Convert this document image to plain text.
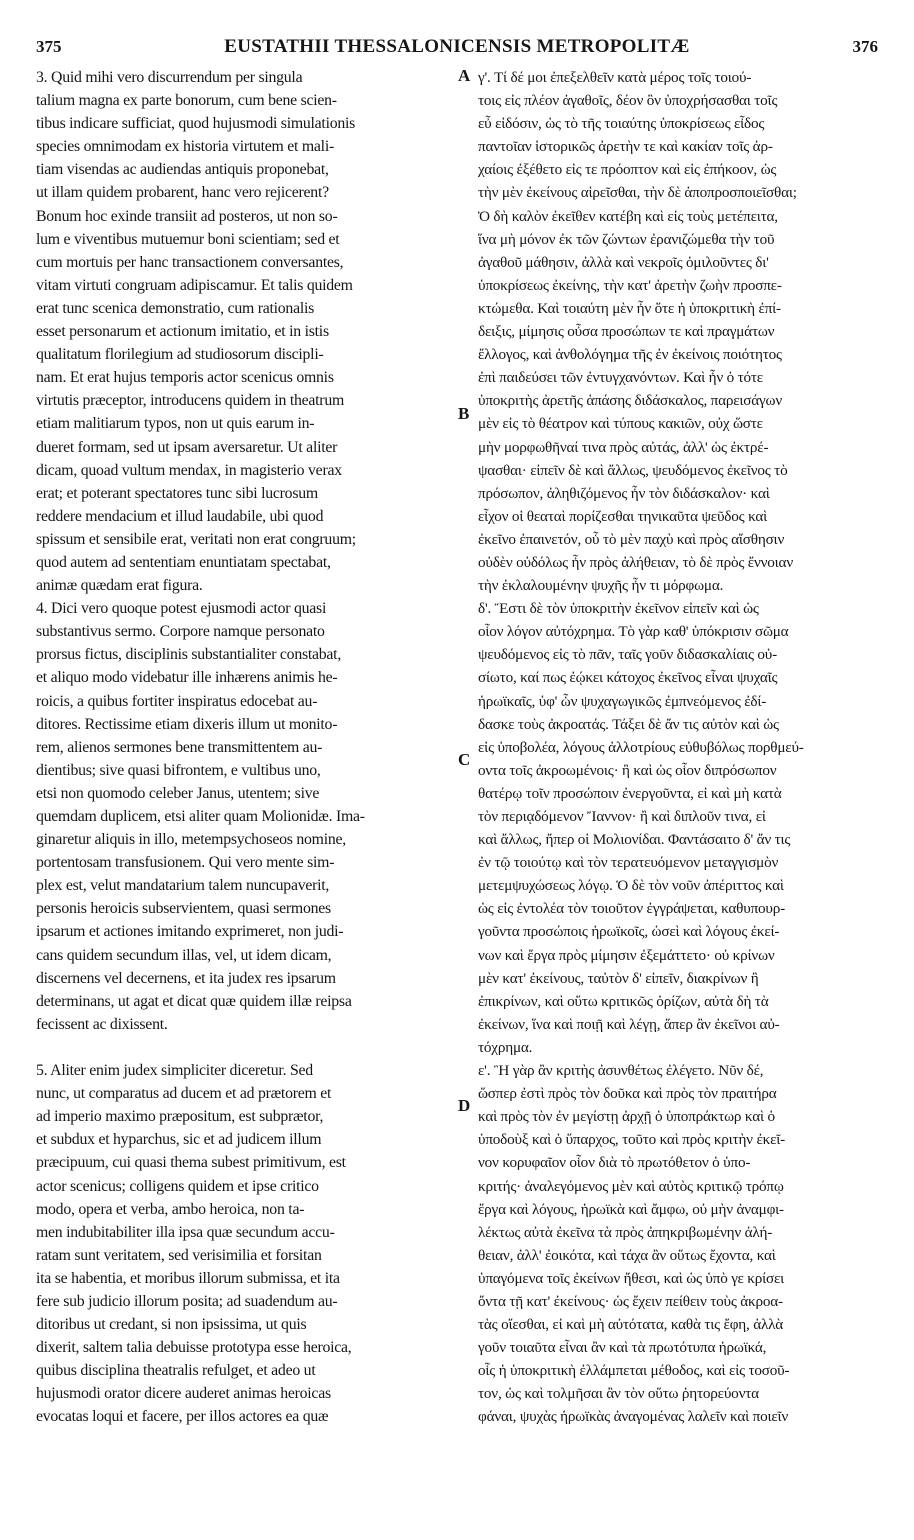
375	EUSTATHII THESSALONICENSIS METROPOLITÆ	376
3. Quid mihi vero discurrendum per singula
talium magna ex parte bonorum, cum bene scien-
tibus indicare sufficiat, quod hujusmodi simulationis
species omnimodam ex historia virtutem et mali-
tiam visendas ac audiendas antiquis proponebat,
ut illam quidem probarent, hanc vero rejicerent?
Bonum hoc exinde transiit ad posteros, ut non so-
lum e viventibus mutuemur boni scientiam; sed et
cum mortuis per hanc transactionem conversantes,
vitam virtuti congruam adipiscamur. Et talis quidem
erat tunc scenica demonstratio, cum rationalis
esset personarum et actionum imitatio, et in istis
qualitatum florilegium ad studiosorum discipli-
nam. Et erat hujus temporis actor scenicus omnis
virtutis præceptor, introducens quidem in theatrum
etiam malitiarum typos, non ut quis earum in-
dueret formam, sed ut ipsam aversaretur. Ut aliter
dicam, quoad vultum mendax, in magisterio verax
erat; et poterant spectatores tunc sibi lucrosum
reddere mendacium et illud laudabile, ubi quod
spissum et sensibile erat, veritati non erat congruum;
quod autem ad sententiam enuntiatam spectabat,
animæ quædam erat figura.
4. Dici vero quoque potest ejusmodi actor quasi
substantivus sermo. Corpore namque personato
prorsus fictus, disciplinis substantialiter constabat,
et aliquo modo videbatur ille inhærens animis he-
roicis, a quibus fortiter inspiratus edocebat au-
ditores. Rectissime etiam dixeris illum ut monito-
rem, alienos sermones bene transmittentem au-
dientibus; sive quasi bifrontem, e vultibus uno,
etsi non quomodo celeber Janus, utentem; sive
quemdam duplicem, etsi aliter quam Molionidæ. Ima-
ginaretur aliquis in illo, metempsychoseos nomine,
portentosam transfusionem. Qui vero mente sim-
plex est, velut mandatarium talem nuncupaverit,
personis heroicis subservientem, quasi sermones
ipsarum et actiones imitando exprimeret, non judi-
cans quidem secundum illas, vel, ut idem dicam,
discernens vel decernens, et ita judex res ipsarum
determinans, ut agat et dicat quæ quidem illæ reipsa
fecissent ac dixissent.
5. Aliter enim judex simpliciter diceretur. Sed
nunc, ut comparatus ad ducem et ad prætorem et
ad imperio maximo præpositum, est subprætor,
et subdux et hyparchus, sic et ad judicem illum
præcipuum, cui quasi thema subest primitivum, est
actor scenicus; colligens quidem et ipse critico
modo, opera et verba, ambo heroica, non ta-
men indubitabiliter illa ipsa quæ secundum accu-
ratam sunt veritatem, sed verisimilia et forsitan
ita se habentia, et moribus illorum submissa, et ita
fere sub judicio illorum posita; ad suadendum au-
ditoribus ut credant, si non ipsissima, ut quis
dixerit, saltem talia debuisse prototypa esse heroica,
quibus disciplina theatralis refulget, et adeo ut
hujusmodi orator dicere auderet animas heroicas
evocatas loqui et facere, per illos actores ea quæ
γ'. Τί δέ μοι ἐπεξελθεῖν κατὰ μέρος τοῖς τοιού-
τοις εἰς πλέον ἀγαθοῖς, δέον ὃν ὑποχρήσασθαι τοῖς
εὖ εἰδόσιν, ὡς τὸ τῆς τοιαύτης ὑποκρίσεως εἶδος
παντοῖαν ἱστορικῶς ἀρετὴν τε καὶ κακίαν τοῖς ἀρ-
χαίοις ἐξέθετο εἰς τε πρόοπτον καὶ εἰς ἐπήκοον, ὡς
τὴν μὲν ἐκείνους αἱρεῖσθαι, τὴν δὲ ἀποπροσποιεῖσθαι;
Ὁ δὴ καλὸν ἐκεῖθεν κατέβη καὶ εἰς τοὺς μετέπειτα,
ἵνα μὴ μόνον ἐκ τῶν ζώντων ἐρανιζώμεθα τὴν τοῦ
ἀγαθοῦ μάθησιν, ἀλλὰ καὶ νεκροῖς ὁμιλοῦντες δι'
ὑποκρίσεως ἐκείνης, τὴν κατ' ἀρετὴν ζωὴν προσπε-
κτώμεθα. Καὶ τοιαύτη μὲν ἦν ὅτε ἡ ὑποκριτικὴ ἐπί-
δειξις, μίμησις οὖσα προσώπων τε καὶ πραγμάτων
ἔλλογος, καὶ ἀνθολόγημα τῆς ἐν ἐκείνοις ποιότητος
ἐπὶ παιδεύσει τῶν ἐντυγχανόντων. Καὶ ἦν ὁ τότε
ὑποκριτὴς ἀρετῆς ἁπάσης διδάσκαλος, παρεισάγων
μὲν εἰς τὸ θέατρον καὶ τύπους κακιῶν, οὐχ ὥστε
μὴν μορφωθῆναί τινα πρὸς αὐτάς, ἀλλ' ὡς ἐκτρέ-
ψασθαι· εἰπεῖν δὲ καὶ ἄλλως, ψευδόμενος ἐκεῖνος τὸ
πρόσωπον, ἀληθιζόμενος ἦν τὸν διδάσκαλον· καὶ
εἶχον οἱ θεαταὶ πορίζεσθαι τηνικαῦτα ψεῦδος καὶ
ἐκεῖνο ἐπαινετόν, οὗ τὸ μὲν παχὺ καὶ πρὸς αἴσθησιν
οὐδὲν οὐδόλως ἦν πρὸς ἀλήθειαν, τὸ δὲ πρὸς ἔννοιαν
τὴν ἐκλαλουμένην ψυχῆς ἦν τι μόρφωμα.
δ'. Ἔστι δὲ τὸν ὑποκριτὴν ἐκεῖνον εἰπεῖν καὶ ὡς
οἷον λόγον αὐτόχρημα. Τὸ γὰρ καθ' ὑπόκρισιν σῶμα
ψευδόμενος εἰς τὸ πᾶν, ταῖς γοῦν διδασκαλίαις οὐ-
σίωτο, καί πως ἐῴκει κάτοχος ἐκεῖνος εἶναι ψυχαῖς
ἡρωϊκαῖς, ὑφ' ὧν ψυχαγωγικῶς ἐμπνεόμενος ἐδί-
δασκε τοὺς ἀκροατάς. Τάξει δὲ ἄν τις αὐτὸν καὶ ὡς
εἰς ὑποβολέα, λόγους ἀλλοτρίους εὐθυβόλως πορθμεύ-
οντα τοῖς ἀκροωμένοις· ἢ καὶ ὡς οἷον διπρόσωπον
θατέρῳ τοῖν προσώποιν ἐνεργοῦντα, εἰ καὶ μὴ κατὰ
τὸν περιᾳδόμενον Ἴαννον· ἢ καὶ διπλοῦν τινα, εἰ
καὶ ἄλλως, ἤπερ οἱ Μολιονίδαι. Φαντάσαιτο δ' ἄν τις
ἐν τῷ τοιούτῳ καὶ τὸν τερατευόμενον μεταγγισμὸν
μετεμψυχώσεως λόγῳ. Ὁ δὲ τὸν νοῦν ἀπέριττος καὶ
ὡς εἰς ἐντολέα τὸν τοιοῦτον ἐγγράψεται, καθυπουρ-
γοῦντα προσώποις ἡρωϊκοῖς, ὡσεὶ καὶ λόγους ἐκεί-
νων καὶ ἔργα πρὸς μίμησιν ἐξεμάττετο· οὐ κρίνων
μὲν κατ' ἐκείνους, ταὐτὸν δ' εἰπεῖν, διακρίνων ἢ
ἐπικρίνων, καὶ οὕτω κριτικῶς ὁρίζων, αὐτὰ δὴ τὰ
ἐκείνων, ἵνα καὶ ποιῇ καὶ λέγῃ, ἅπερ ἂν ἐκεῖνοι αὐ-
τόχρημα.
ε'. Ἢ γὰρ ἂν κριτὴς ἀσυνθέτως ἐλέγετο. Νῦν δέ,
ὥσπερ ἐστὶ πρὸς τὸν δοῦκα καὶ πρὸς τὸν πραιτήρα
καὶ πρὸς τὸν ἐν μεγίστῃ ἀρχῇ ὁ ὑποπράκτωρ καὶ ὁ
ὑποδοὺξ καὶ ὁ ὕπαρχος, τοῦτο καὶ πρὸς κριτὴν ἐκεῖ-
νον κορυφαῖον οἷον διὰ τὸ πρωτόθετον ὁ ὑπο-
κριτής· ἀναλεγόμενος μὲν καὶ αὐτὸς κριτικῷ τρόπῳ
ἔργα καὶ λόγους, ἡρωϊκὰ καὶ ἄμφω, οὐ μὴν ἀναμφι-
λέκτως αὐτὰ ἐκεῖνα τὰ πρὸς ἀπηκριβωμένην ἀλή-
θειαν, ἀλλ' ἐοικότα, καὶ τάχα ἂν οὕτως ἔχοντα, καὶ
ὑπαγόμενα τοῖς ἐκείνων ἤθεσι, καὶ ὡς ὑπὸ γε κρίσει
ὄντα τῇ κατ' ἐκείνους· ὡς ἔχειν πείθειν τοὺς ἀκροα-
τὰς οἴεσθαι, εἰ καὶ μὴ αὐτότατα, καθὰ τις ἔφη, ἀλλὰ
γοῦν τοιαῦτα εἶναι ἂν καὶ τὰ πρωτότυπα ἡρωϊκά,
οἷς ἡ ὑποκριτικὴ ἐλλάμπεται μέθοδος, καὶ εἰς τοσοῦ-
τον, ὡς καὶ τολμῆσαι ἂν τὸν οὕτω ῥητορεύοντα
φάναι, ψυχὰς ἡρωϊκὰς ἀναγομένας λαλεῖν καὶ ποιεῖν
A
B
C
D
